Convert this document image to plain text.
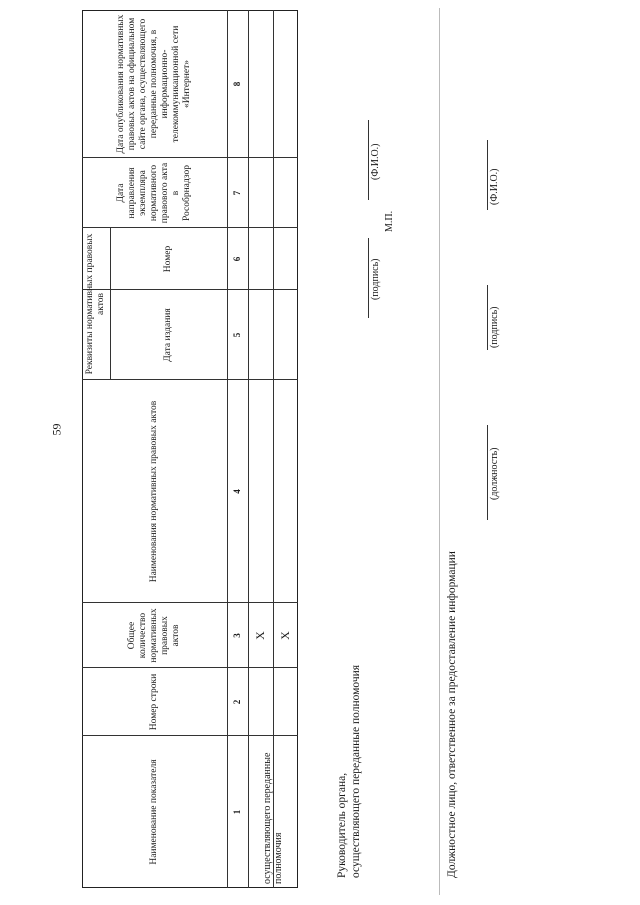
59
Наименование показателя
Номер строки
Общее количество нормативных правовых актов
Наименования нормативных правовых актов
Реквизиты нормативных правовых актов
Дата издания
Номер
Дата направления экземпляра нормативного правового акта в Рособрнадзор
Дата опубликования нормативных правовых актов на официальном сайте органа, осуществляющего переданные полномочия, в информационно-телекоммуникационной сети «Интернет»
1
2
3
4
5
6
7
8
осуществляющего переданные полномочия
X X
Руководитель органа, осуществляющего переданные полномочия
(подпись)
(Ф.И.О.)
М.П.
Должностное лицо, ответственное за предоставление информации
(должность)
(подпись)
(Ф.И.О.)
